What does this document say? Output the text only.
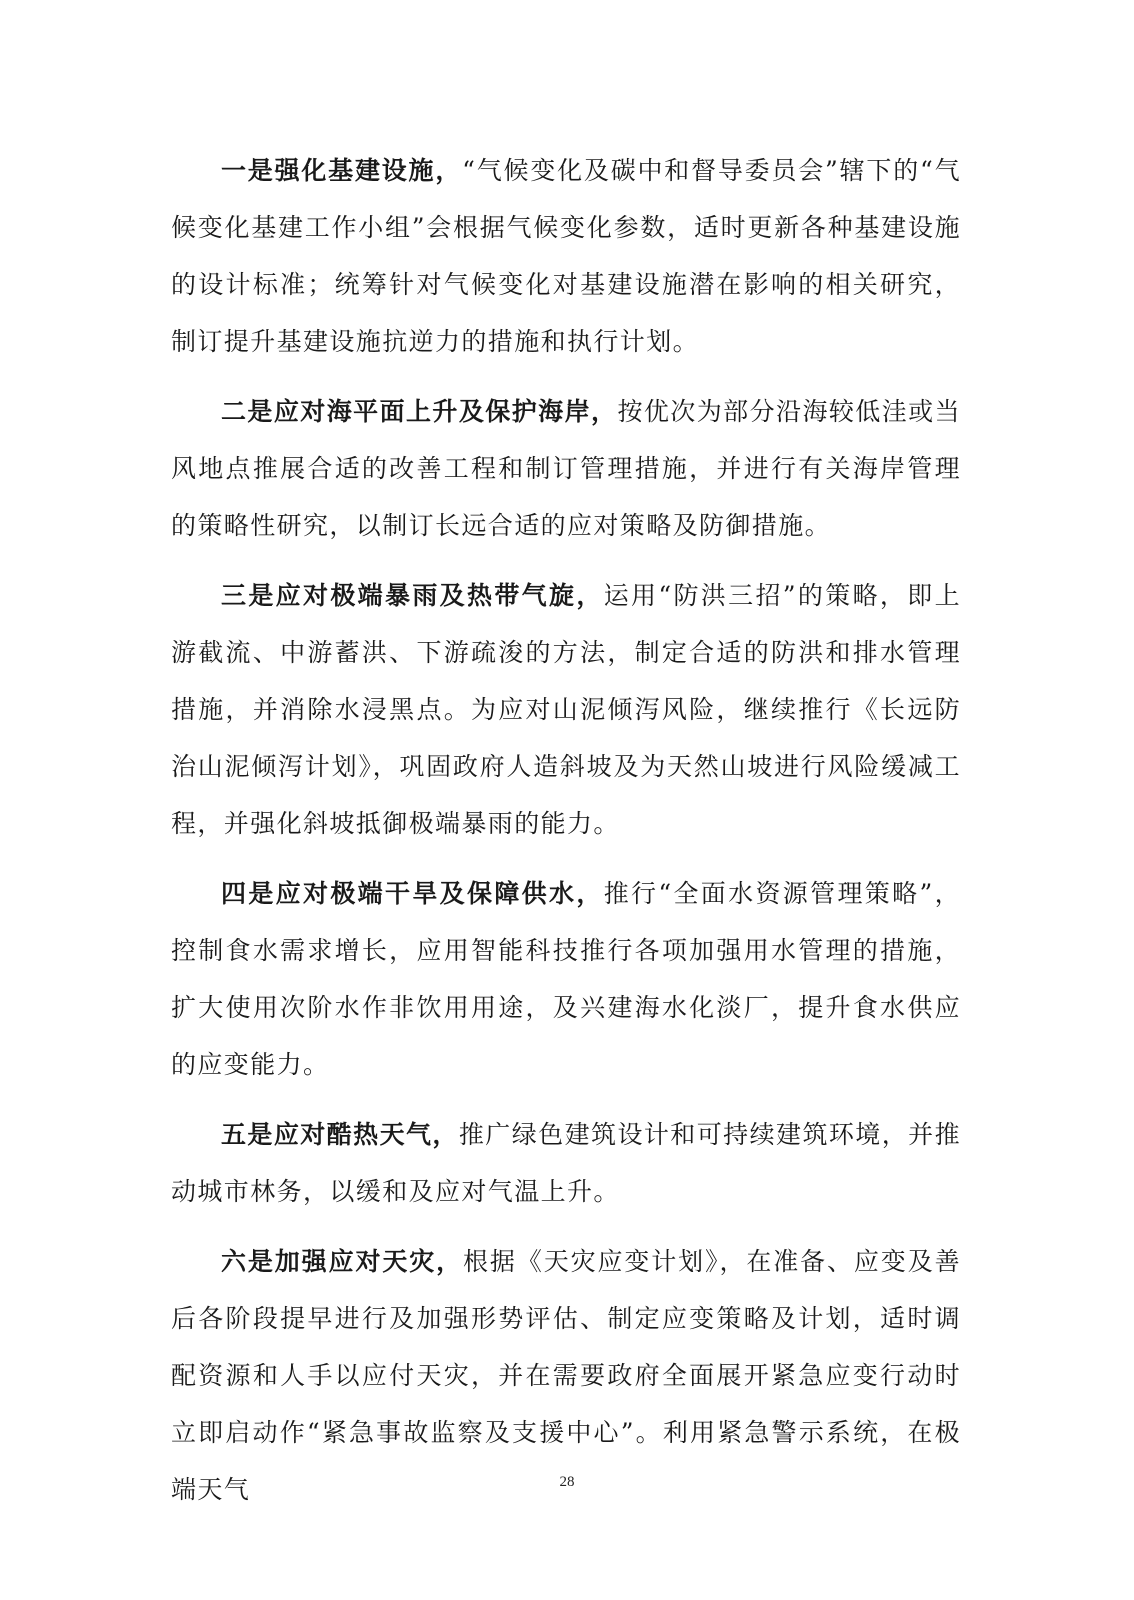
一是强化基建设施，“气候变化及碳中和督导委员会”辖下的“气候变化基建工作小组”会根据气候变化参数，适时更新各种基建设施的设计标准；统筹针对气候变化对基建设施潜在影响的相关研究，制订提升基建设施抗逆力的措施和执行计划。

二是应对海平面上升及保护海岸，按优次为部分沿海较低洼或当风地点推展合适的改善工程和制订管理措施，并进行有关海岸管理的策略性研究，以制订长远合适的应对策略及防御措施。

三是应对极端暴雨及热带气旋，运用“防洪三招”的策略，即上游截流、中游蓄洪、下游疏浚的方法，制定合适的防洪和排水管理措施，并消除水浸黑点。为应对山泥倾泻风险，继续推行《长远防治山泥倾泻计划》，巩固政府人造斜坡及为天然山坡进行风险缓减工程，并强化斜坡抵御极端暴雨的能力。

四是应对极端干旱及保障供水，推行“全面水资源管理策略”，控制食水需求增长，应用智能科技推行各项加强用水管理的措施，扩大使用次阶水作非饮用用途，及兴建海水化淡厂，提升食水供应的应变能力。

五是应对酷热天气，推广绿色建筑设计和可持续建筑环境，并推动城市林务，以缓和及应对气温上升。

六是加强应对天灾，根据《天灾应变计划》，在准备、应变及善后各阶段提早进行及加强形势评估、制定应变策略及计划，适时调配资源和人手以应付天灾，并在需要政府全面展开紧急应变行动时立即启动作“紧急事故监察及支援中心”。利用紧急警示系统，在极端天气	28
